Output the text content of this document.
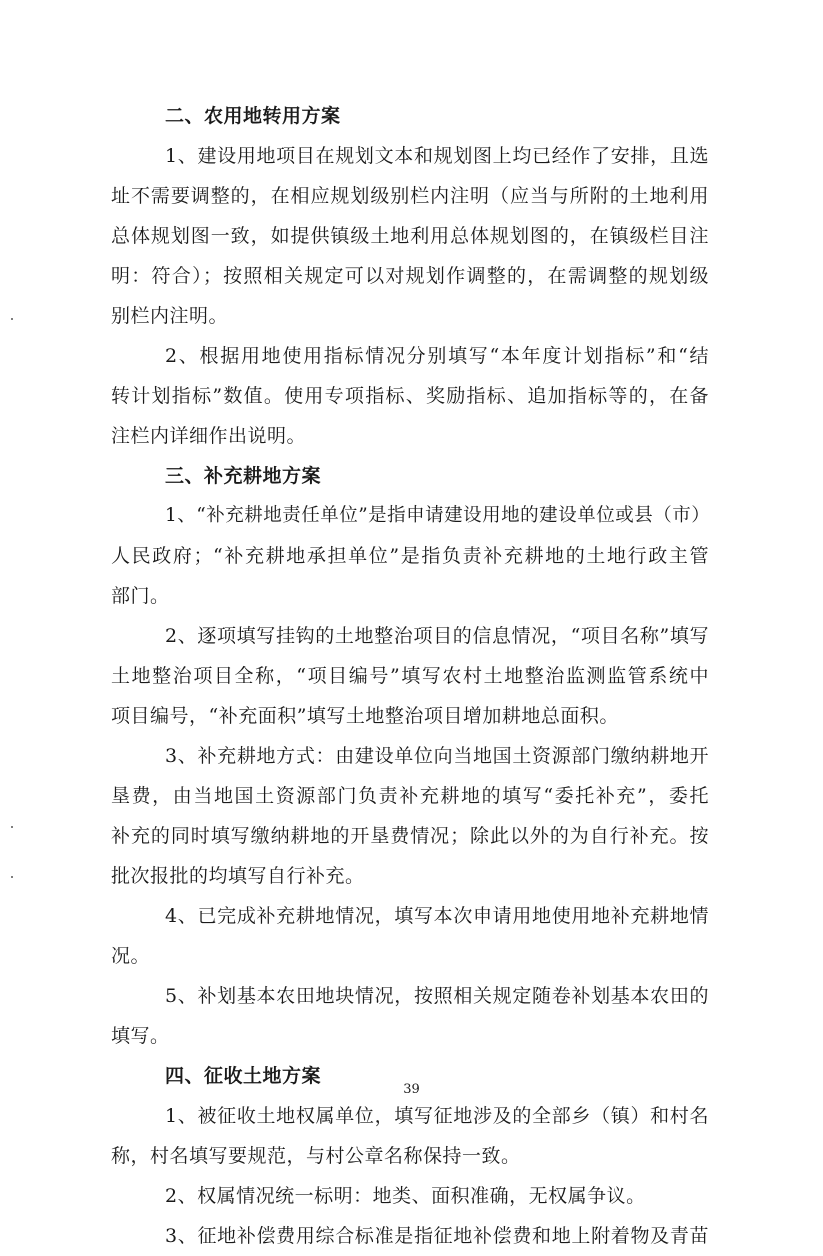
二、农用地转用方案
1、建设用地项目在规划文本和规划图上均已经作了安排，且选
址不需要调整的，在相应规划级别栏内注明（应当与所附的土地利用
总体规划图一致，如提供镇级土地利用总体规划图的，在镇级栏目注
明：符合）；按照相关规定可以对规划作调整的，在需调整的规划级
别栏内注明。
2、根据用地使用指标情况分别填写“本年度计划指标”和“结
转计划指标”数值。使用专项指标、奖励指标、追加指标等的，在备
注栏内详细作出说明。
三、补充耕地方案
1、“补充耕地责任单位”是指申请建设用地的建设单位或县（市）
人民政府；“补充耕地承担单位”是指负责补充耕地的土地行政主管
部门。
2、逐项填写挂钩的土地整治项目的信息情况，“项目名称”填写
土地整治项目全称，“项目编号”填写农村土地整治监测监管系统中
项目编号，“补充面积”填写土地整治项目增加耕地总面积。
3、补充耕地方式：由建设单位向当地国土资源部门缴纳耕地开
垦费，由当地国土资源部门负责补充耕地的填写“委托补充”，委托
补充的同时填写缴纳耕地的开垦费情况；除此以外的为自行补充。按
批次报批的均填写自行补充。
4、已完成补充耕地情况，填写本次申请用地使用地补充耕地情
况。
5、补划基本农田地块情况，按照相关规定随卷补划基本农田的
填写。
四、征收土地方案
1、被征收土地权属单位，填写征地涉及的全部乡（镇）和村名
称，村名填写要规范，与村公章名称保持一致。
2、权属情况统一标明：地类、面积准确，无权属争议。
3、征地补偿费用综合标准是指征地补偿费和地上附着物及青苗
39
